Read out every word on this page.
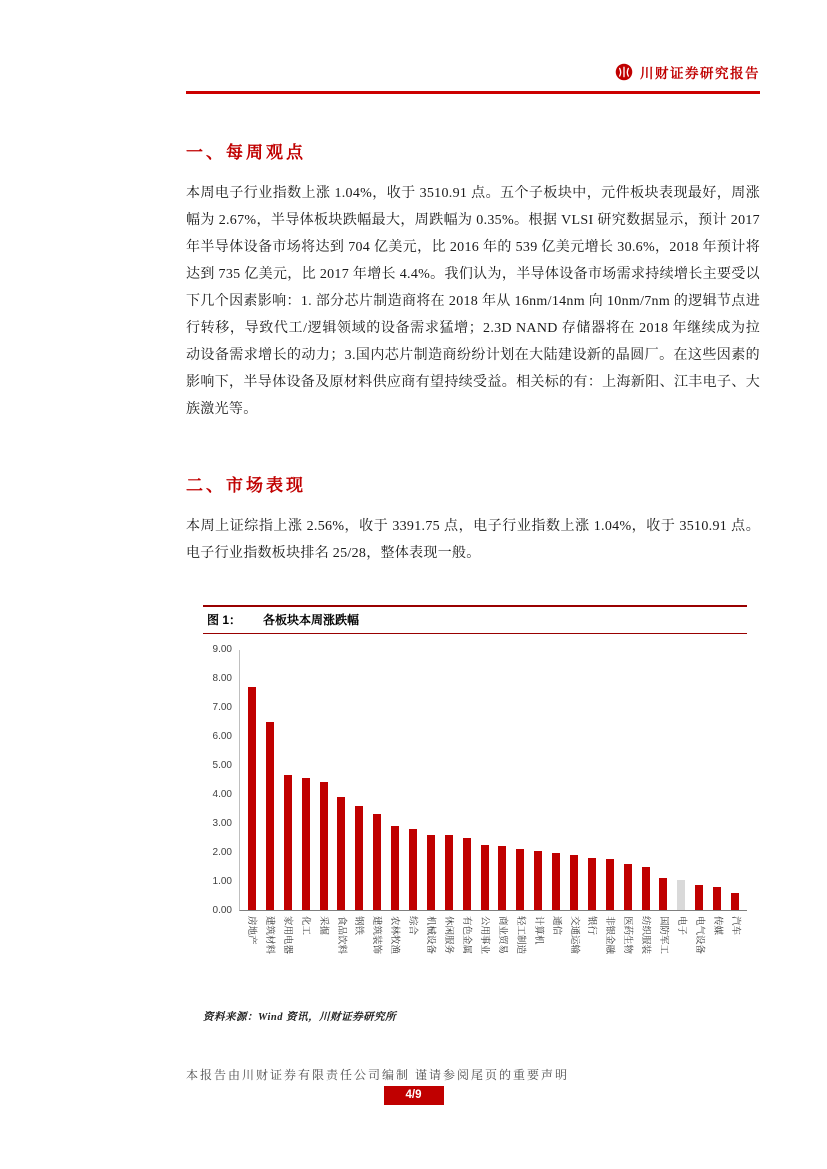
川财证券研究报告
一、每周观点

本周电子行业指数上涨 1.04%，收于 3510.91 点。五个子板块中，元件板块表现最好，周涨幅为 2.67%，半导体板块跌幅最大，周跌幅为 0.35%。根据 VLSI 研究数据显示，预计 2017 年半导体设备市场将达到 704 亿美元，比 2016 年的 539 亿美元增长 30.6%，2018 年预计将达到 735 亿美元，比 2017 年增长 4.4%。我们认为，半导体设备市场需求持续增长主要受以下几个因素影响：1. 部分芯片制造商将在 2018 年从 16nm/14nm 向 10nm/7nm 的逻辑节点进行转移，导致代工/逻辑领域的设备需求猛增；2.3D NAND 存储器将在 2018 年继续成为拉动设备需求增长的动力；3.国内芯片制造商纷纷计划在大陆建设新的晶圆厂。在这些因素的影响下，半导体设备及原材料供应商有望持续受益。相关标的有：上海新阳、江丰电子、大族激光等。

二、市场表现

本周上证综指上涨 2.56%，收于 3391.75 点，电子行业指数上涨 1.04%，收于 3510.91 点。电子行业指数板块排名 25/28，整体表现一般。

图 1： 各板块本周涨跌幅
0.00
1.00
2.00
3.00
4.00
5.00
6.00
7.00
8.00
9.00
房地产 建筑材料 家用电器 化工 采掘 食品饮料 钢铁 建筑装饰 农林牧渔 综合 机械设备 休闲服务 有色金属 公用事业 商业贸易 轻工制造 计算机 通信 交通运输 银行 非银金融 医药生物 纺织服装 国防军工 电子 电气设备 传媒 汽车
资料来源：Wind 资讯，川财证券研究所
本报告由川财证券有限责任公司编制 谨请参阅尾页的重要声明
4/9
